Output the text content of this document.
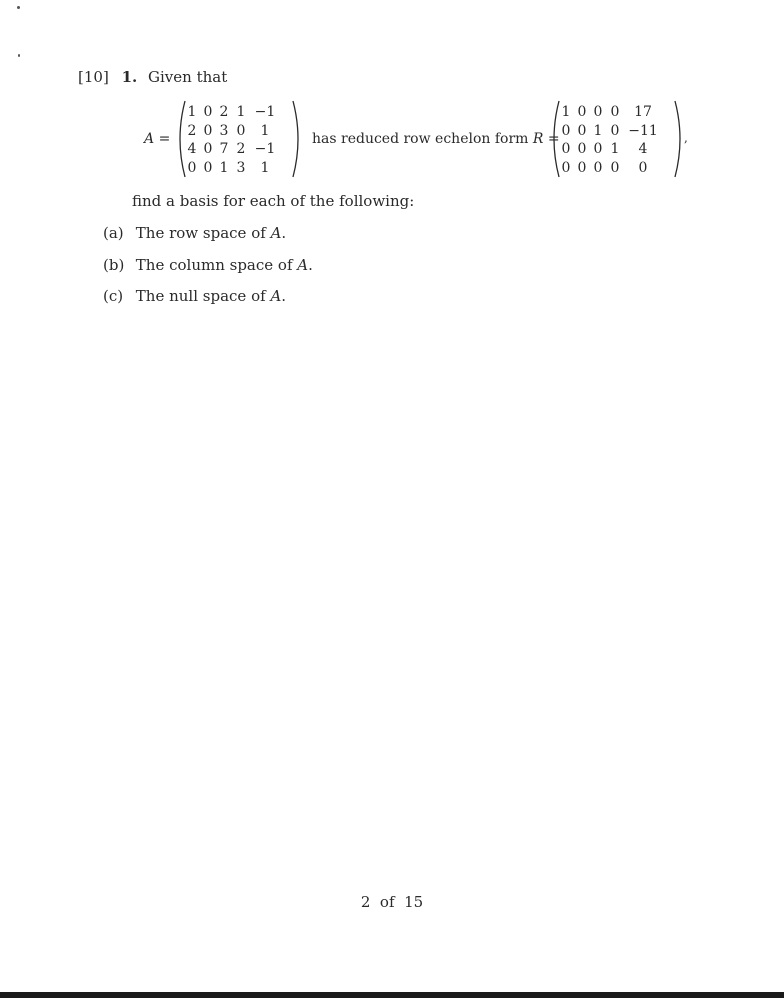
[10] 1. Given that
A =
1 0 2 1 −1
2 0 3 0	1
4 0 7 2 −1
0 0 1 3	1
has reduced row echelon form R =
1 0 0 0	17
0 0 1 0 −11
0 0 0 1	4
0 0 0 0	0
,
find a basis for each of the following:
(a) The row space of A.
(b) The column space of A.
(c) The null space of A.
2 of 15
